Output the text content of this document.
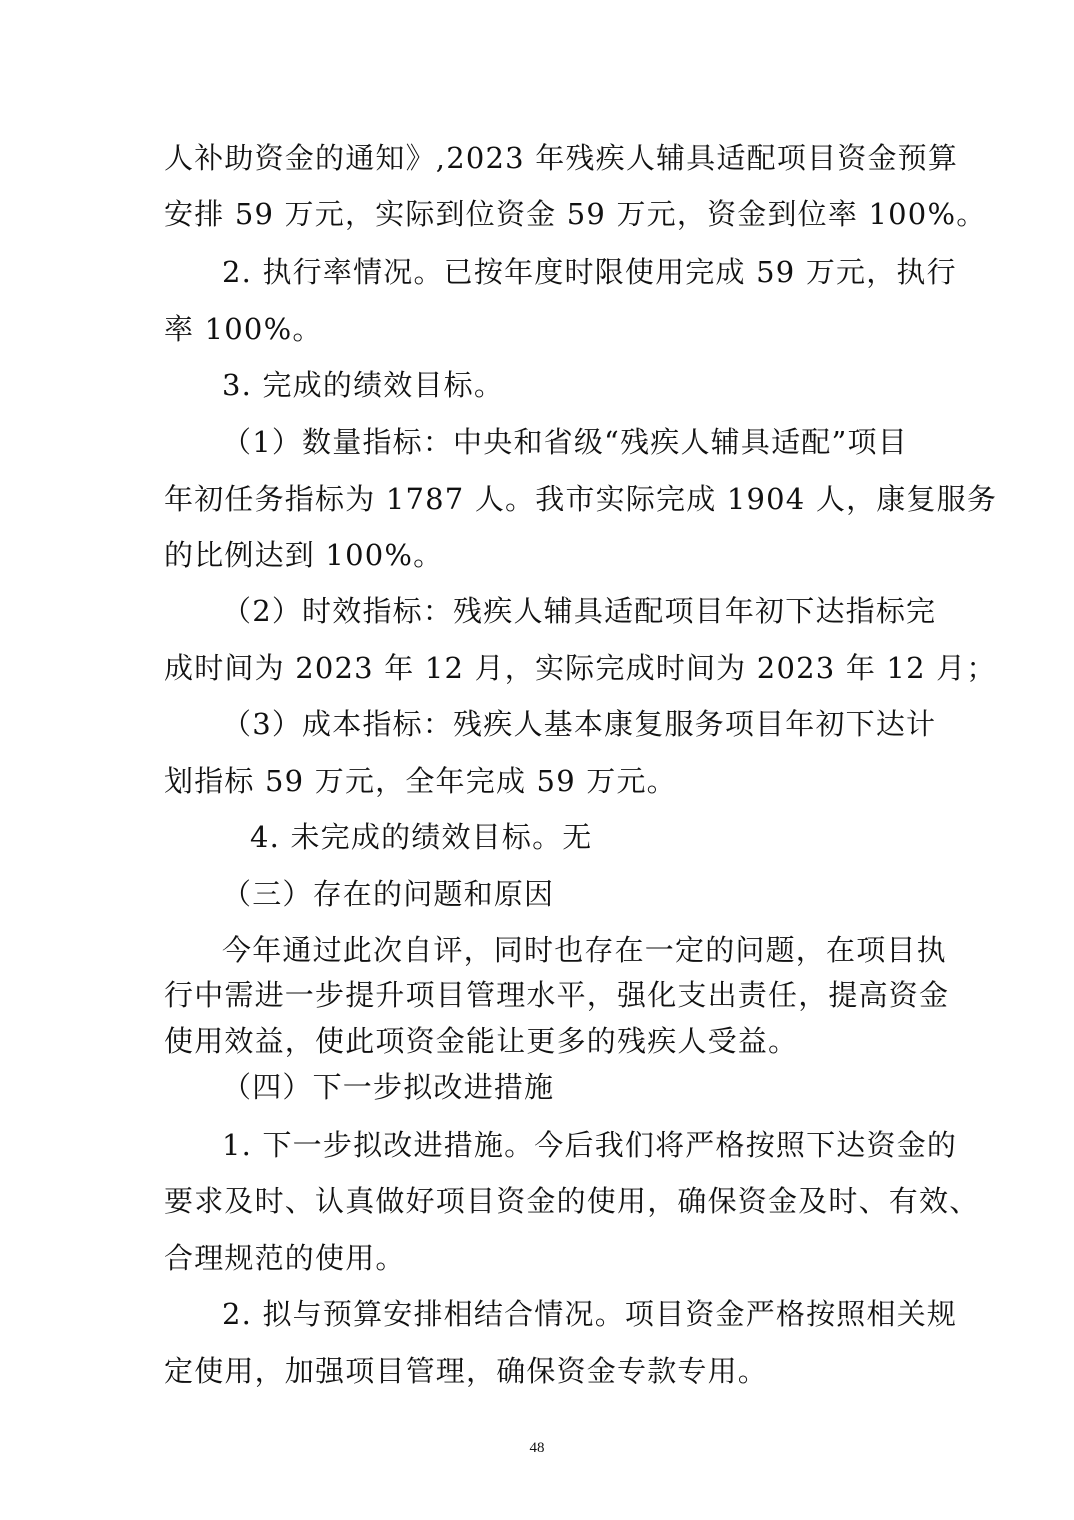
人补助资金的通知》,2023 年残疾人辅具适配项目资金预算
安排 59 万元，实际到位资金 59 万元，资金到位率 100%。
2. 执行率情况。已按年度时限使用完成 59 万元，执行
率 100%。
3. 完成的绩效目标。
（1）数量指标：中央和省级“残疾人辅具适配”项目
年初任务指标为 1787 人。我市实际完成 1904 人，康复服务
的比例达到 100%。
（2）时效指标：残疾人辅具适配项目年初下达指标完
成时间为 2023 年 12 月，实际完成时间为 2023 年 12 月；
（3）成本指标：残疾人基本康复服务项目年初下达计
划指标 59 万元，全年完成 59 万元。
4. 未完成的绩效目标。无
（三）存在的问题和原因
今年通过此次自评，同时也存在一定的问题，在项目执
行中需进一步提升项目管理水平，强化支出责任，提高资金
使用效益，使此项资金能让更多的残疾人受益。
（四）下一步拟改进措施
1. 下一步拟改进措施。今后我们将严格按照下达资金的
要求及时、认真做好项目资金的使用，确保资金及时、有效、
合理规范的使用。
2. 拟与预算安排相结合情况。项目资金严格按照相关规
定使用，加强项目管理，确保资金专款专用。
48
